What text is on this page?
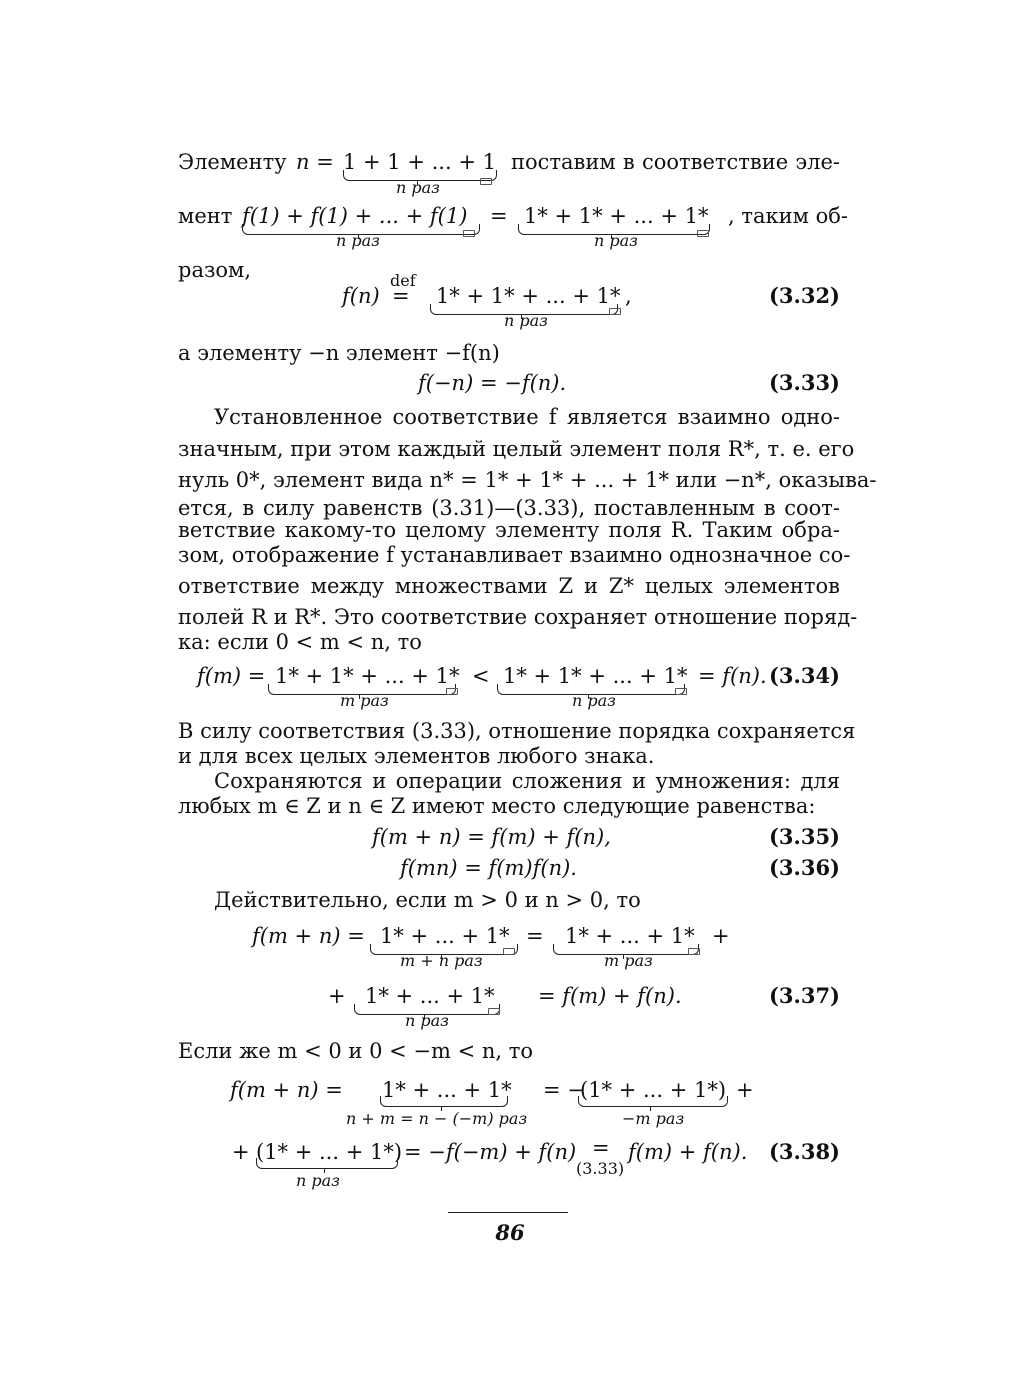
Элементу n = 1 + 1 + ... + 1
n раз
поставим в соответствие эле-
мент f(1) + f(1) + ... + f(1)
n раз
= 1* + 1* + ... + 1*
n раз
, таким об-
разом,
f(n)
def
= 1* + 1* + ... + 1*
n раз
,	(3.32)
а элементу −n элемент −f(n)
f(−n) = −f(n).	(3.33)
Установленное соответствие f является взаимно одно-
значным, при этом каждый целый элемент поля R*, т. е. его
нуль 0*, элемент вида n* = 1* + 1* + ... + 1* или −n*, оказыва-
ется, в силу равенств (3.31)—(3.33), поставленным в соот-
ветствие какому-то целому элементу поля R. Таким обра-
зом, отображение f устанавливает взаимно однозначное со-
ответствие между множествами Z и Z* целых элементов
полей R и R*. Это соответствие сохраняет отношение поряд-
ка: если 0 < m < n, то
f(m) = 1* + 1* + ... + 1*
m раз
< 1* + 1* + ... + 1*
n раз
= f(n). (3.34)
В силу соответствия (3.33), отношение порядка сохраняется
и для всех целых элементов любого знака.
Сохраняются и операции сложения и умножения: для
любых m ∈ Z и n ∈ Z имеют место следующие равенства:
f(m + n) = f(m) + f(n),	(3.35)
f(mn) = f(m)f(n).	(3.36)
Действительно, если m > 0 и n > 0, то
f(m + n) = 1* + ... + 1*
m + n раз
= 1* + ... + 1*
m раз
+
+ 1* + ... + 1*
n раз
= f(m) + f(n).	(3.37)
Если же m < 0 и 0 < −m < n, то
f(m + n) = 1* + ... + 1*
n + m = n − (−m) раз
= −
(1* + ... + 1*)
−m раз
+
+ (1* + ... + 1*)
n раз
= −f(−m) + f(n) =
(3.33)
f(m) + f(n). (3.38)
86
